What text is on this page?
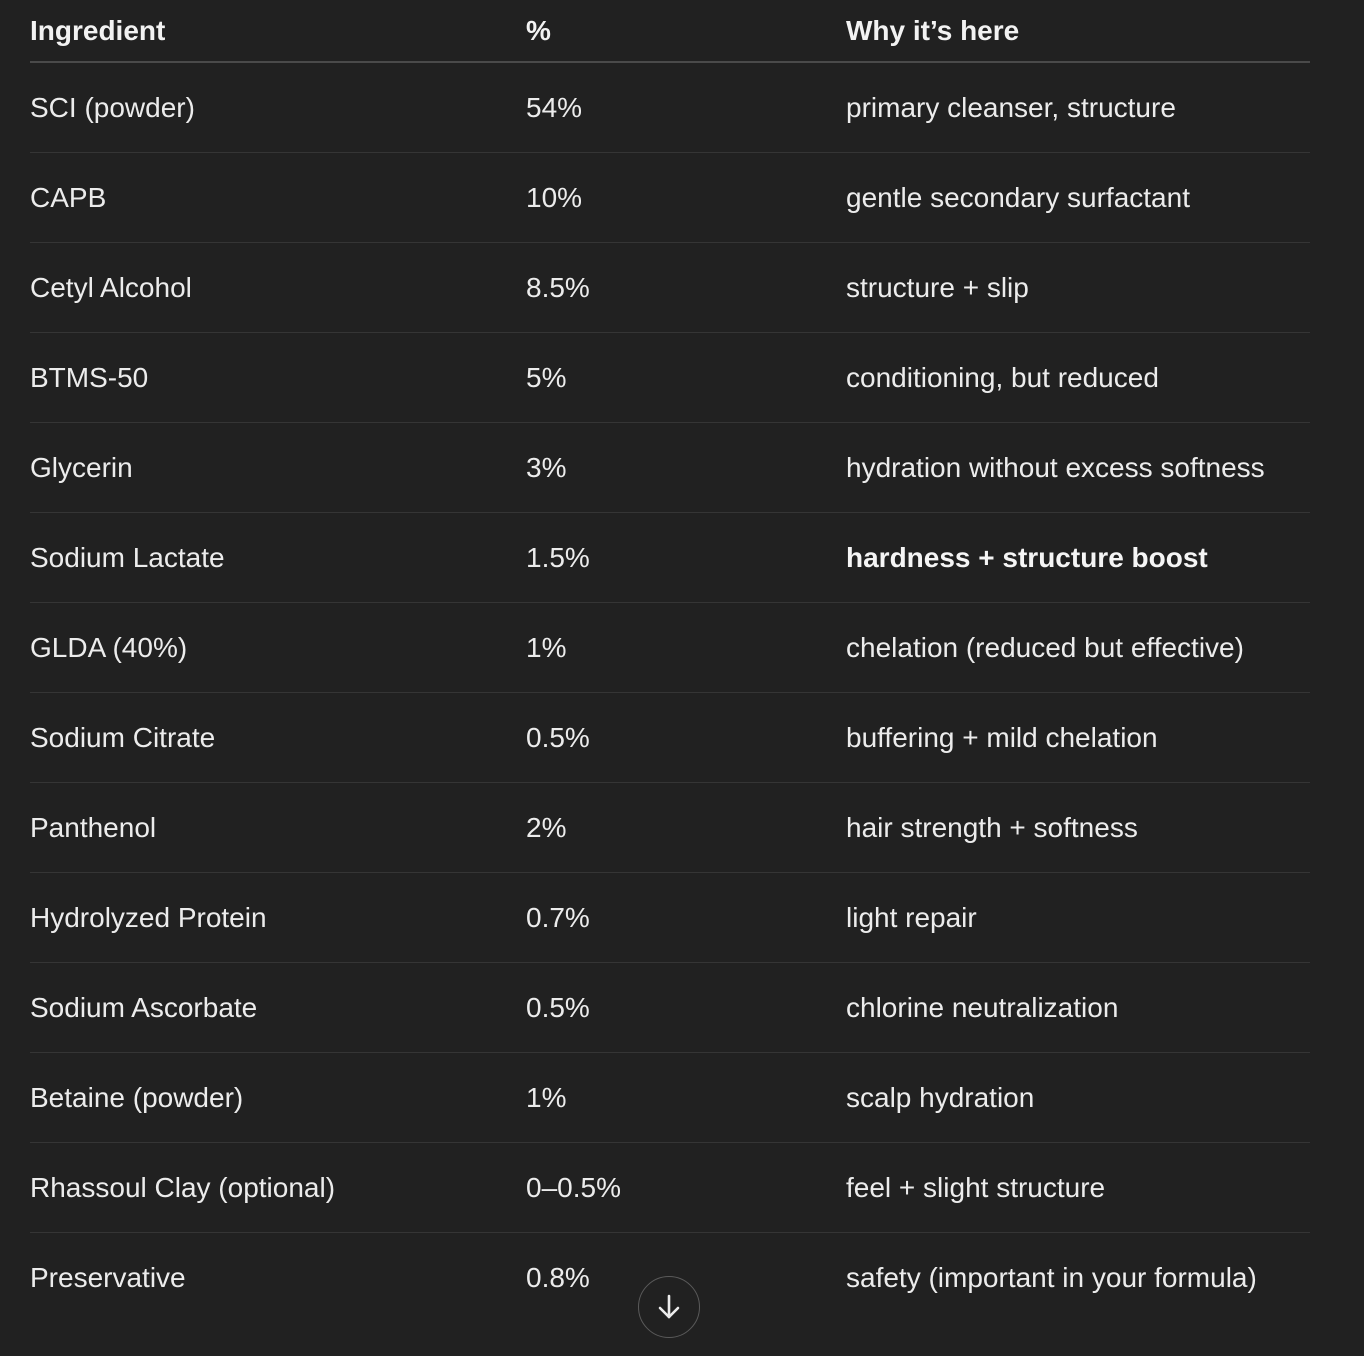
Ingredient	%	Why it’s here
SCI (powder)	54%	primary cleanser, structure
CAPB	10%	gentle secondary surfactant
Cetyl Alcohol	8.5%	structure + slip
BTMS-50	5%	conditioning, but reduced
Glycerin	3%	hydration without excess softness
Sodium Lactate	1.5%	hardness + structure boost
GLDA (40%)	1%	chelation (reduced but effective)
Sodium Citrate	0.5%	buffering + mild chelation
Panthenol	2%	hair strength + softness
Hydrolyzed Protein	0.7%	light repair
Sodium Ascorbate	0.5%	chlorine neutralization
Betaine (powder)	1%	scalp hydration
Rhassoul Clay (optional)	0–0.5%	feel + slight structure
Preservative	0.8%	safety (important in your formula)
